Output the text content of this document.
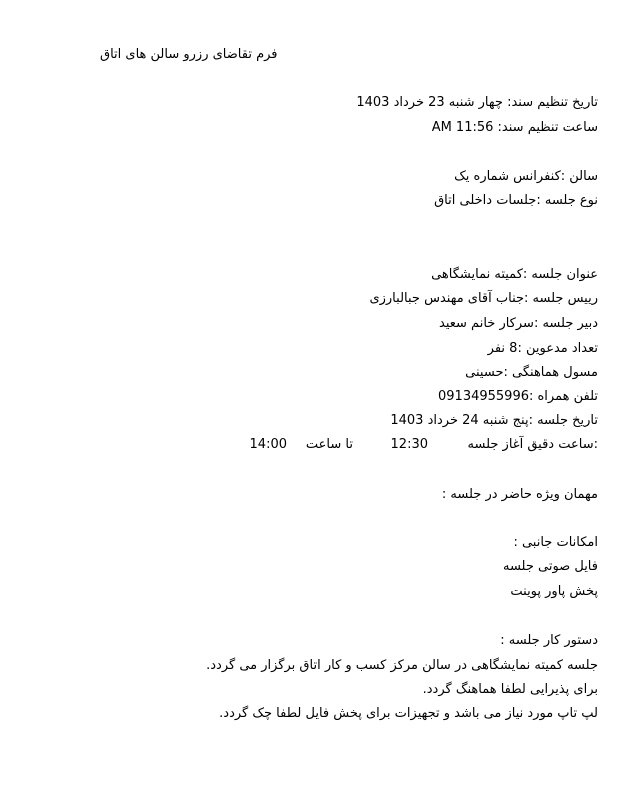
فرم تقاضای رزرو سالن های اتاق
تاریخ تنظیم سند: چهار شنبه 23 خرداد 1403
ساعت تنظیم سند: AM 11:56
سالن :کنفرانس شماره یک
نوع جلسه :جلسات داخلی اتاق
عنوان جلسه :کمیته نمایشگاهی
رییس جلسه :جناب آقای مهندس جبالبارزی
دبیر جلسه :سرکار خانم سعید
تعداد مدعوین :8 نفر
مسول هماهنگی :حسینی
تلفن همراه :09134955996
تاریخ جلسه :پنج شنبه 24 خرداد 1403
ساعت دقیق آغاز جلسه:
12:30
تا ساعت
14:00
مهمان ویژه حاضر در جلسه :
امکانات جانبی :
فایل صوتی جلسه
پخش پاور پوینت
دستور کار جلسه :
جلسه کمیته نمایشگاهی در سالن مرکز کسب و کار اتاق برگزار می گردد.
برای پذیرایی لطفا هماهنگ گردد.
لپ تاپ مورد نیاز می باشد و تجهیزات برای پخش فایل لطفا چک گردد.
